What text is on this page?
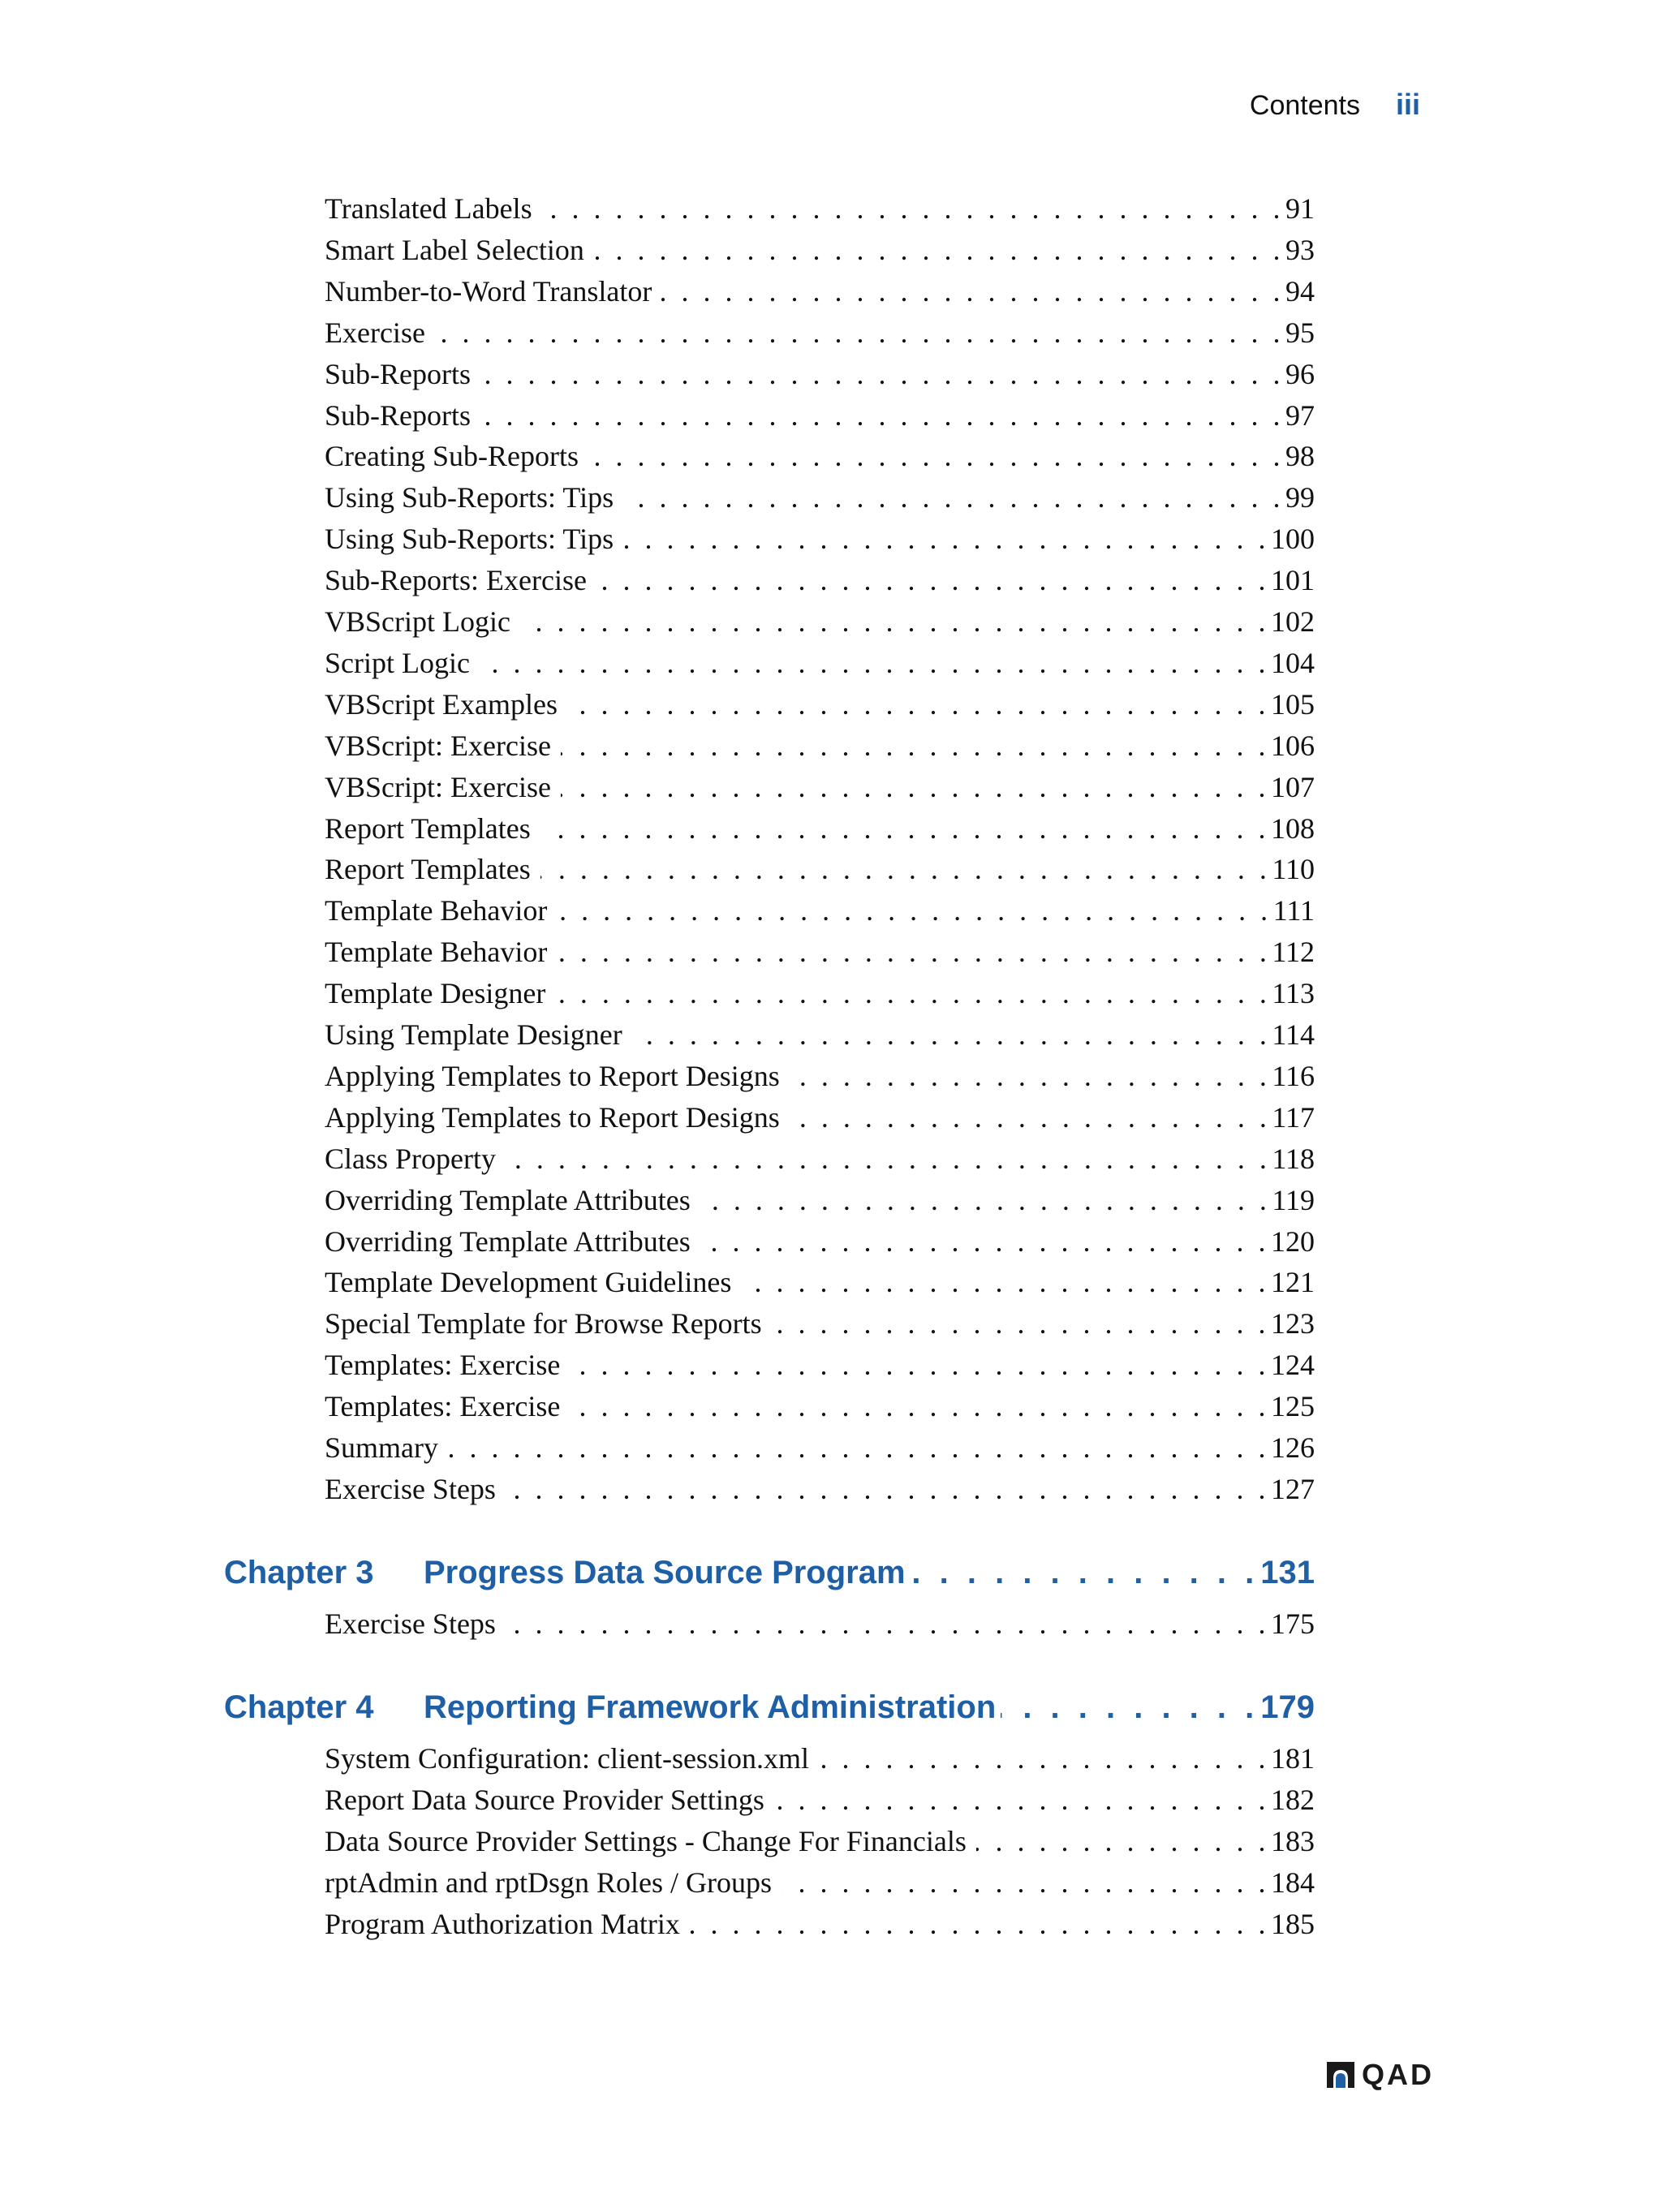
Contents iii
Translated Labels . . .	91
Smart Label Selection . . .	93
Number-to-Word Translator . . .	94
Exercise . . .	95
Sub-Reports . . .	96
Sub-Reports . . .	97
Creating Sub-Reports . . .	98
Using Sub-Reports: Tips . . .	99
Using Sub-Reports: Tips . . .	100
Sub-Reports: Exercise . . .	101
VBScript Logic . . .	102
Script Logic . . .	104
VBScript Examples . . .	105
VBScript: Exercise . . .	106
VBScript: Exercise . . .	107
Report Templates . . .	108
Report Templates . . .	110
Template Behavior . . .	111
Template Behavior . . .	112
Template Designer . . .	113
Using Template Designer . . .	114
Applying Templates to Report Designs . . .	116
Applying Templates to Report Designs . . .	117
Class Property . . .	118
Overriding Template Attributes . . .	119
Overriding Template Attributes . . .	120
Template Development Guidelines . . .	121
Special Template for Browse Reports . . .	123
Templates: Exercise . . .	124
Templates: Exercise . . .	125
Summary . . .	126
Exercise Steps . . .	127
Chapter 3	Progress Data Source Program . . .	131
Exercise Steps . . .	175
Chapter 4	Reporting Framework Administration . . .	179
System Configuration: client-session.xml . . .	181
Report Data Source Provider Settings . . .	182
Data Source Provider Settings - Change For Financials . . .	183
rptAdmin and rptDsgn Roles / Groups . . .	184
Program Authorization Matrix . . .	185
QAD
